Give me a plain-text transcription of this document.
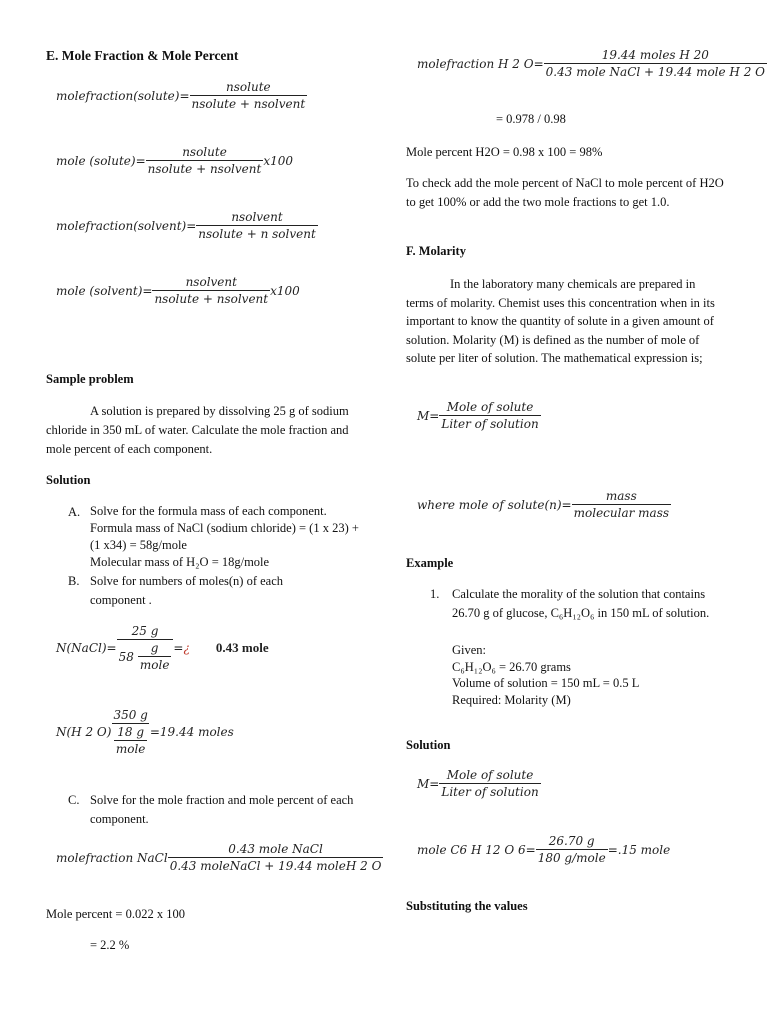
E. Mole Fraction & Mole Percent
molefraction(solute)= $\frac{\text{nsolute}}{\text{nsolute + nsolvent}}$
mole (solute)= $\frac{\text{nsolute}}{\text{nsolute + nsolvent}} x100$
molefraction(solvent)= $\frac{\text{nsolvent}}{\text{nsolute + n solvent}}$
mole (solvent)= $\frac{\text{nsolvent}}{\text{nsolute + nsolvent}} x100$
Sample problem
A solution is prepared by dissolving 25 g of sodium chloride in 350 mL of water. Calculate the mole fraction and mole percent of each component.
Solution
A. Solve for the formula mass of each component.
Formula mass of NaCl (sodium chloride) = (1 x 23) + (1 x34) = 58g/mole
Molecular mass of H₂O = 18g/mole
B. Solve for numbers of moles(n) of each component .
N(NaCl)= $\frac{25 g}{58 \frac{g}{\text{mole}}}$ = ¿ 0.43 mole
N(H 2 $O) \frac{350 g}{\frac{18 g}{\text{mole}}} =19.44$ moles
C. Solve for the mole fraction and mole percent of each component.
molefraction NaCl $\frac{\text{0.43 mole NaCl}}{\text{0.43 moleNaCl + 19.44 moleH 2 O}}$
Mole percent = 0.022 x 100
= 2.2 %
molefraction H 2 $O= \frac{\text{19.44 moles H 20}}{\text{0.43 mole NaCl + 19.44 mole H 2 O}}$
= 0.978 / 0.98
Mole percent H2O = 0.98 x 100 = 98%
To check add the mole percent of NaCl to mole percent of H2O to get 100% or add the two mole fractions to get 1.0.
F. Molarity
In the laboratory many chemicals are prepared in terms of molarity. Chemist uses this concentration when in its important to know the quantity of solute in a given amount of solution. Molarity (M) is defined as the number of mole of solute per liter of solution. The mathematical expression is;
$M= \frac{\text{Mole of solute}}{\text{Liter of solution}}$
where mole of solute(n)= $\frac{\text{mass}}{\text{molecular mass}}$
Example
1. Calculate the morality of the solution that contains 26.70 g of glucose, C₆H₁₂O₆ in 150 mL of solution.
Given:
C₆H₁₂O₆ = 26.70 grams
Volume of solution = 150 mL = 0.5 L
Required: Molarity (M)
Solution
$M= \frac{\text{Mole of solute}}{\text{Liter of solution}}$
mole C6 H 12 O $6= \frac{26.70 g}{\text{180 g/mole}} =.15$ mole
Substituting the values
